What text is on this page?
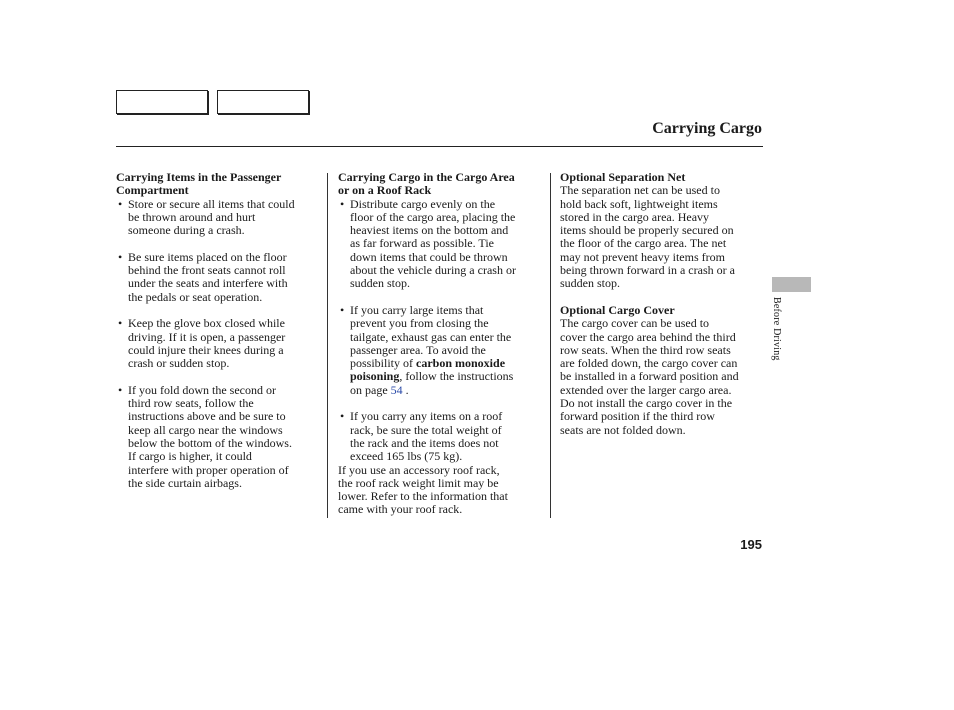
Carrying Cargo
Carrying Items in the Passenger
Compartment
• Store or secure all items that could
be thrown around and hurt
someone during a crash.
• Be sure items placed on the floor
behind the front seats cannot roll
under the seats and interfere with
the pedals or seat operation.
• Keep the glove box closed while
driving. If it is open, a passenger
could injure their knees during a
crash or sudden stop.
• If you fold down the second or
third row seats, follow the
instructions above and be sure to
keep all cargo near the windows
below the bottom of the windows.
If cargo is higher, it could
interfere with proper operation of
the side curtain airbags.
Carrying Cargo in the Cargo Area
or on a Roof Rack
• Distribute cargo evenly on the
floor of the cargo area, placing the
heaviest items on the bottom and
as far forward as possible. Tie
down items that could be thrown
about the vehicle during a crash or
sudden stop.
• If you carry large items that
prevent you from closing the
tailgate, exhaust gas can enter the
passenger area. To avoid the
possibility of carbon monoxide
poisoning, follow the instructions
on page 54 .
• If you carry any items on a roof
rack, be sure the total weight of
the rack and the items does not
exceed 165 lbs (75 kg).
If you use an accessory roof rack,
the roof rack weight limit may be
lower. Refer to the information that
came with your roof rack.
Optional Separation Net
The separation net can be used to
hold back soft, lightweight items
stored in the cargo area. Heavy
items should be properly secured on
the floor of the cargo area. The net
may not prevent heavy items from
being thrown forward in a crash or a
sudden stop.
Optional Cargo Cover
The cargo cover can be used to
cover the cargo area behind the third
row seats. When the third row seats
are folded down, the cargo cover can
be installed in a forward position and
extended over the larger cargo area.
Do not install the cargo cover in the
forward position if the third row
seats are not folded down.
Before Driving
195
